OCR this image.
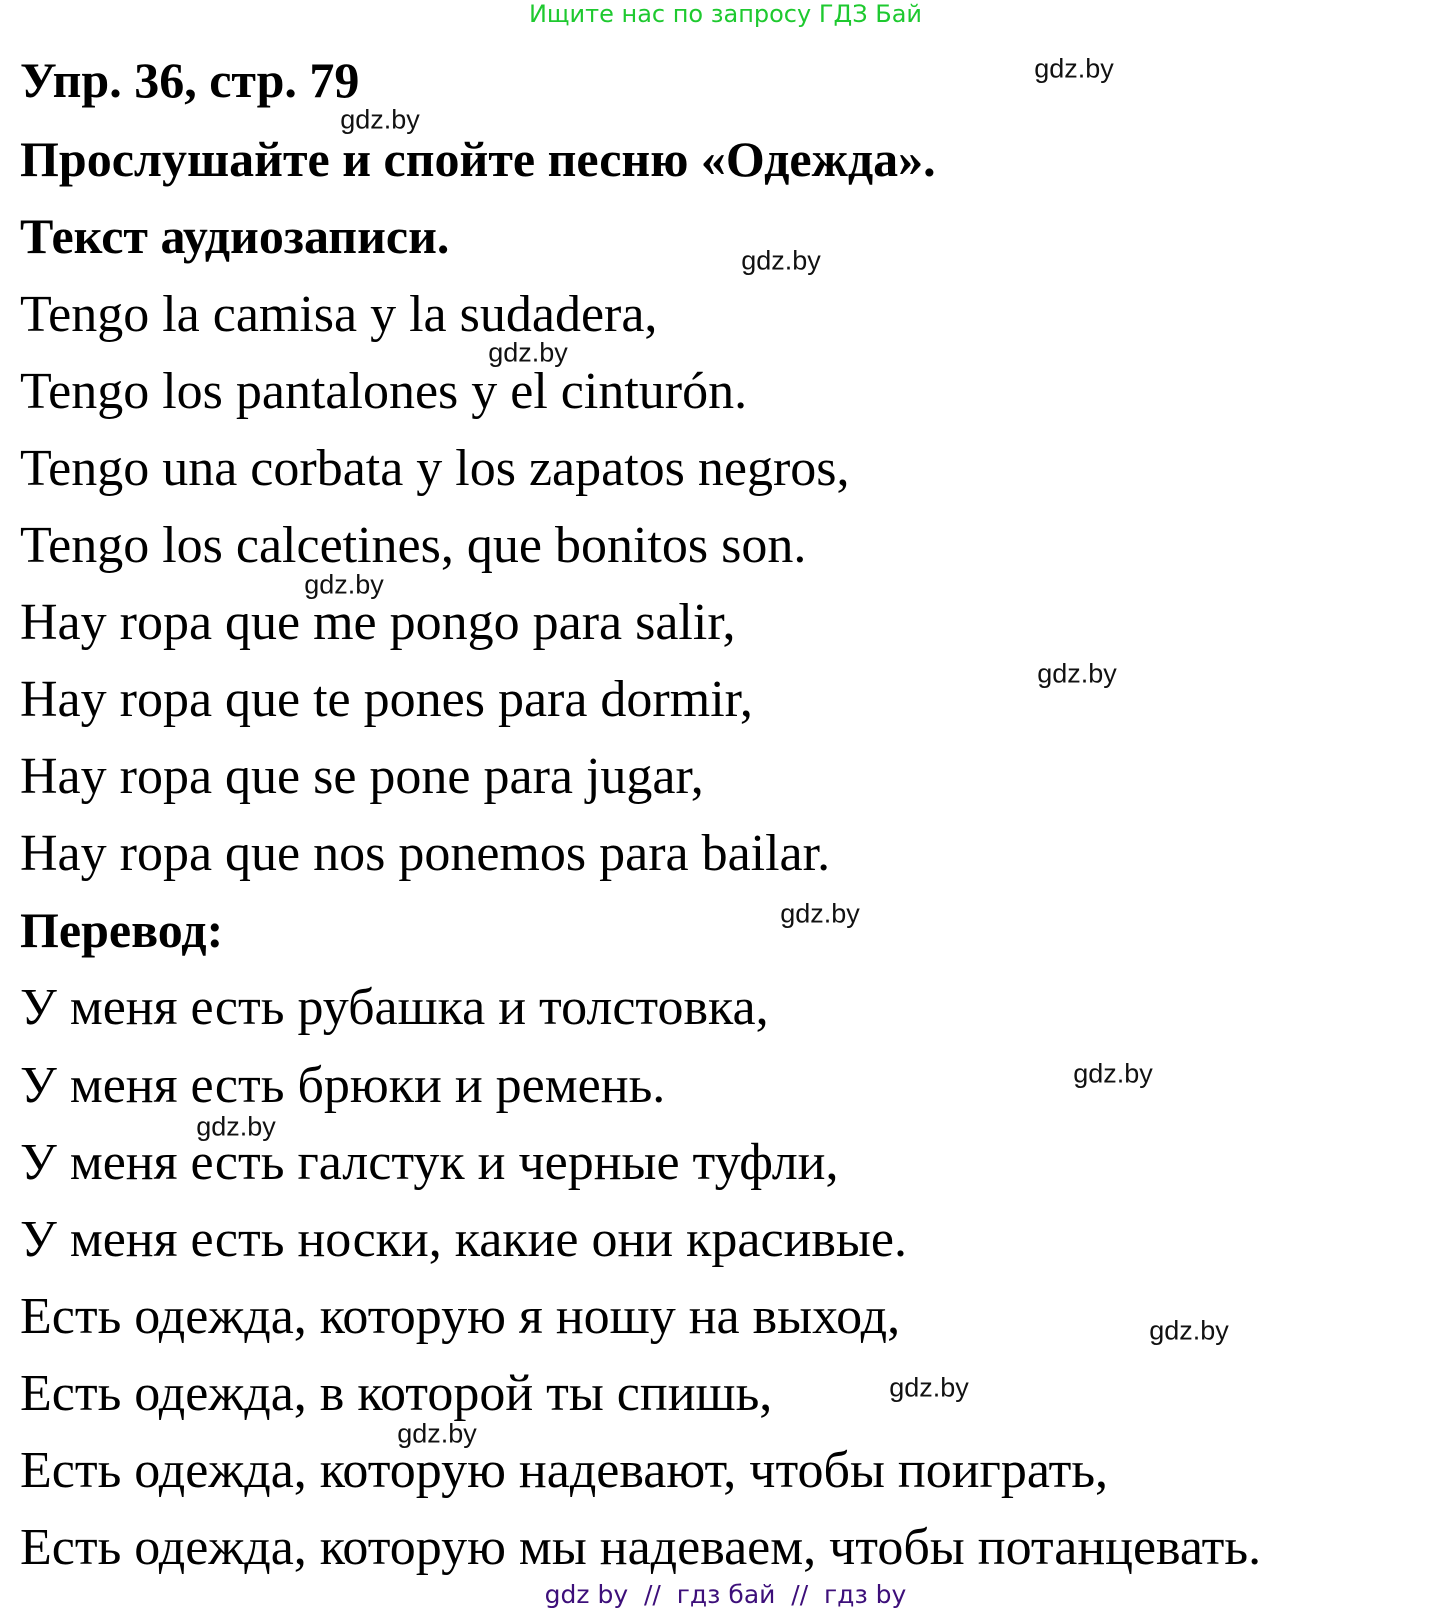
Ищите нас по запросу ГДЗ Бай
Упр. 36, стр. 79
Прослушайте и спойте песню «Одежда».
Текст аудиозаписи.
Tengo la camisa y la sudadera,
Tengo los pantalones y el cinturón.
Tengo una corbata y los zapatos negros,
Tengo los calcetines, que bonitos son.
Hay ropa que me pongo para salir,
Hay ropa que te pones para dormir,
Hay ropa que se pone para jugar,
Hay ropa que nos ponemos para bailar.
Перевод:
У меня есть рубашка и толстовка,
У меня есть брюки и ремень.
У меня есть галстук и черные туфли,
У меня есть носки, какие они красивые.
Есть одежда, которую я ношу на выход,
Есть одежда, в которой ты спишь,
Есть одежда, которую надевают, чтобы поиграть,
Есть одежда, которую мы надеваем, чтобы потанцевать.
gdz.by
gdz.by
gdz.by
gdz.by
gdz.by
gdz.by
gdz.by
gdz.by
gdz.by
gdz.by
gdz.by
gdz.by
gdz by  //  гдз бай  //  гдз by
